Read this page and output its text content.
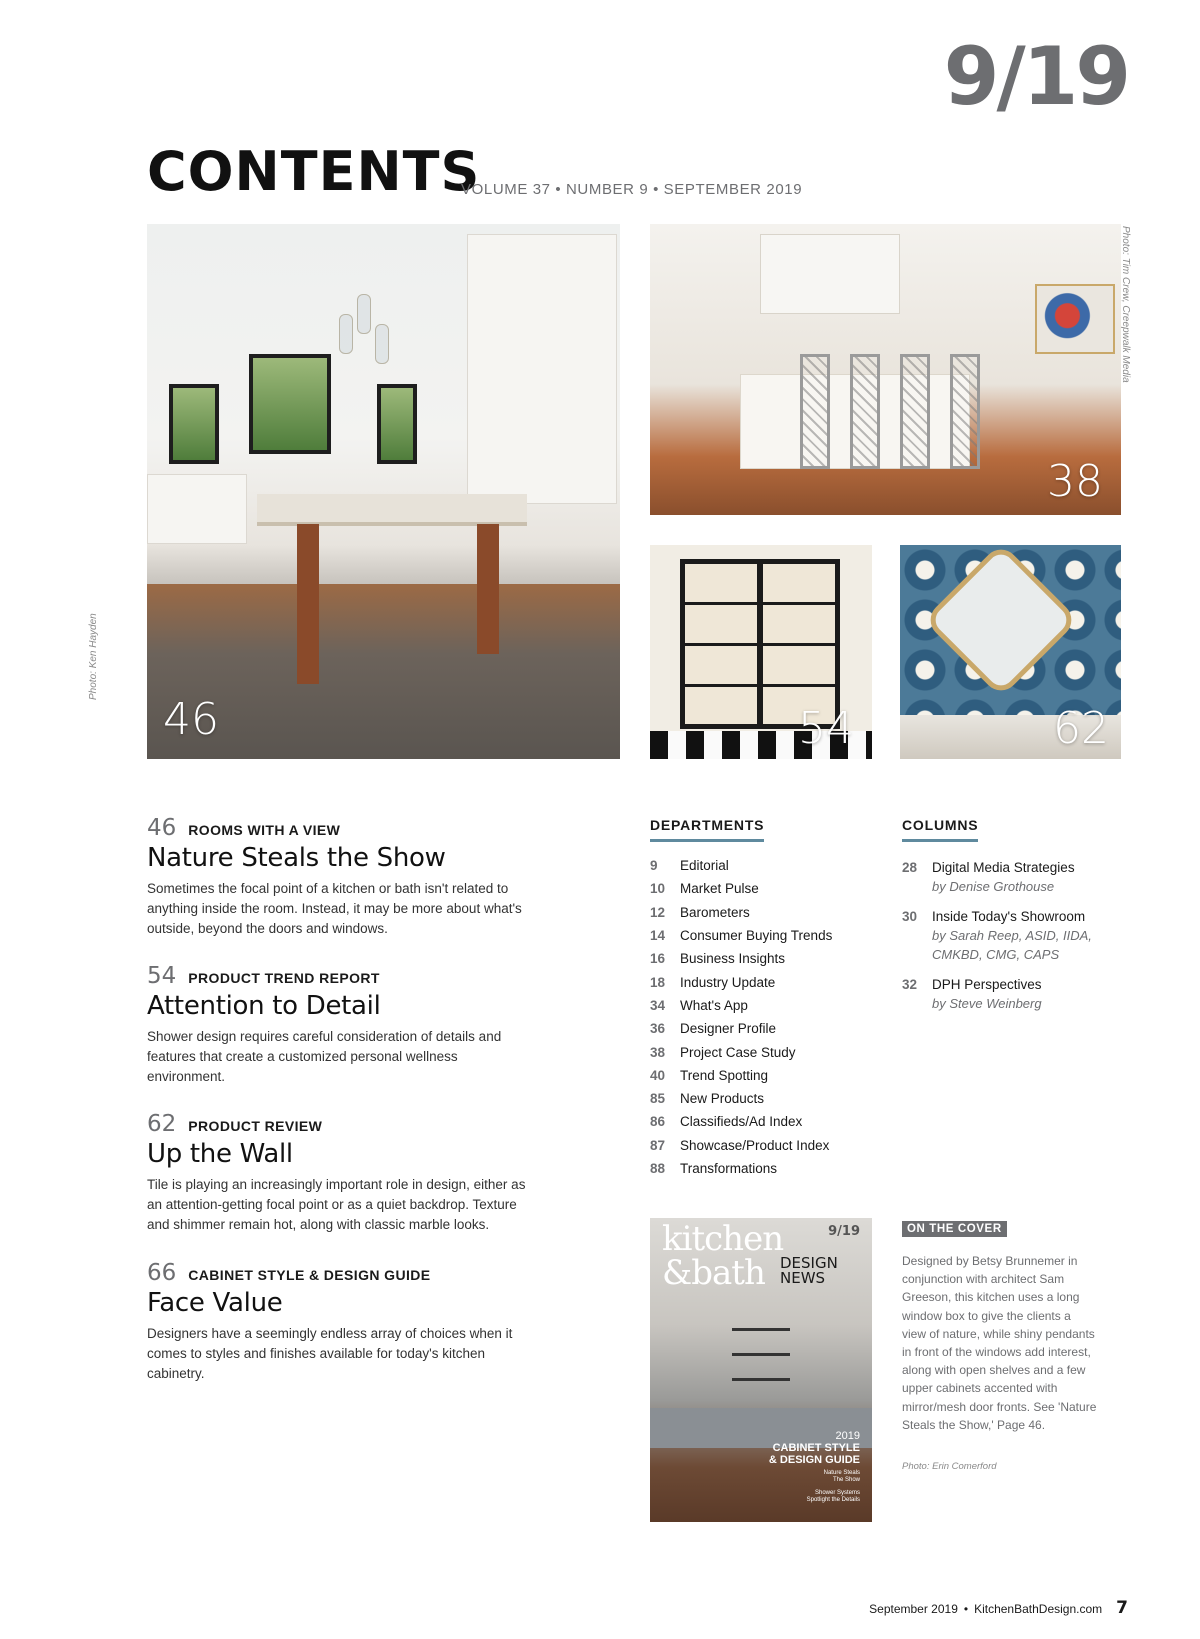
9/19
CONTENTS
VOLUME 37 • NUMBER 9 • SEPTEMBER 2019
46
Photo: Ken Hayden
38
Photo: Tim Crew, Creepwalk Media
54	62
46 ROOMS WITH A VIEW
Nature Steals the Show

Sometimes the focal point of a kitchen or bath isn't related to anything inside the room. Instead, it may be more about what's outside, beyond the doors and windows.

54 PRODUCT TREND REPORT
Attention to Detail

Shower design requires careful consideration of details and features that create a customized personal wellness environment.

62 PRODUCT REVIEW
Up the Wall

Tile is playing an increasingly important role in design, either as an attention-getting focal point or as a quiet backdrop. Texture and shimmer remain hot, along with classic marble looks.

66 CABINET STYLE & DESIGN GUIDE
Face Value

Designers have a seemingly endless array of choices when it comes to styles and finishes available for today's kitchen cabinetry.

DEPARTMENTS
9	Editorial
10	Market Pulse
12	Barometers
14	Consumer Buying Trends
16	Business Insights
18	Industry Update
34	What's App
36	Designer Profile
38	Project Case Study
40	Trend Spotting
85	New Products
86	Classifieds/Ad Index
87	Showcase/Product Index
88	Transformations
COLUMNS
28	Digital Media Strategies
by Denise Grothouse
30	Inside Today's Showroom
by Sarah Reep, ASID, IIDA, CMKBD, CMG, CAPS
32	DPH Perspectives
by Steve Weinberg
kitchen
&bath	DESIGN
NEWS
9/19
2019
CABINET STYLE
& DESIGN GUIDE
Nature Steals
The Show
Shower Systems
Spotlight the Details
ON THE COVER

Designed by Betsy Brunnemer in conjunction with architect Sam Greeson, this kitchen uses a long window box to give the clients a view of nature, while shiny pendants in front of the windows add interest, along with open shelves and a few upper cabinets accented with mirror/mesh door fronts. See 'Nature Steals the Show,' Page 46.

Photo: Erin Comerford
September 2019 • KitchenBathDesign.com 7
